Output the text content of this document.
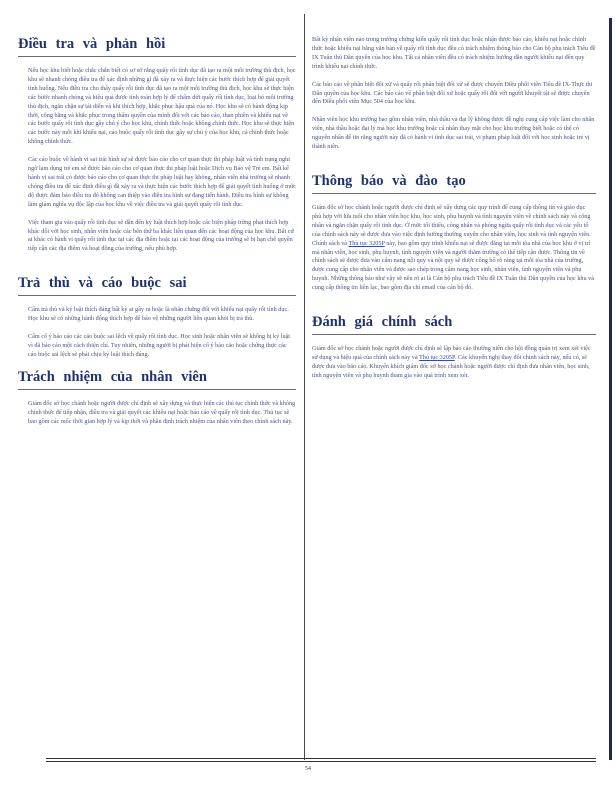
Điều tra và phản hồi

Nếu học khu biết hoặc chắc chắn biết có sơ sở rằng quấy rối tình dục đã tạo ra một môi trường thù địch, học khu sẽ nhanh chóng điều tra để xác định những gì đã xảy ra và thực hiện các bước thích hợp để giải quyết tình huống. Nếu điều tra cho thấy quấy rối tình dục đã tạo ra một môi trường thù địch, học khu sẽ thực hiện các bước nhanh chóng và hiệu quả được tính toán hợp lý để chấm dứt quấy rối tình dục, loại bỏ môi trường thù địch, ngăn chặn sự tái diễn và khi thích hợp, khắc phục hậu quả của nó. Học khu sẽ có hành động kịp thời, công bằng và khắc phục trong thẩm quyền của mình đối với các báo cáo, than phiền và khiếu nại về các bước quấy rối tình dục gây chú ý cho học khu, chính thức hoặc không chính thức. Học khu sẽ thực hiện các bước này mỗi khi khiếu nại, cáo buộc quấy rối tình dục gây sự chú ý của học khu, cả chính thức hoặc không chính thức.

Các cáo buộc về hành vi sai trái hình sự sẽ được báo cáo cho cơ quan thực thi pháp luật và tính trạng nghi ngờ lạm dụng trẻ em sẽ được báo cáo cho cơ quan thực thi pháp luật hoặc Dịch vụ Bảo vệ Trẻ em. Bất kể hành vi sai trái có được báo cáo cho cơ quan thực thi pháp luật hay không, nhân viên nhà trường sẽ nhanh chóng điều tra để xác định điều gì đã xảy ra và thực hiện các bước thích hợp để giải quyết tình huống ở mức độ được đảm bảo điều tra đó không can thiệp vào điều tra hình sự đang tiến hành. Điều tra hình sự không làm giảm nghĩa vụ độc lập của học khu về việc điều tra và giải quyết quấy rối tình dục.

Việc tham gia vào quấy rối tình dục sẽ dẫn đến kỷ luật thích hợp hoặc các biện pháp trừng phạt thích hợp khác đối với học sinh, nhân viên hoặc các bên thứ ba khác liên quan đến các hoạt động của học khu. Bất cứ ai khác có hành vi quấy rối tình dục tại các địa điểm hoặc tại các hoạt động của trường sẽ bị hạn chế quyền tiếp cận các địa điểm và hoạt động của trường, nếu phù hợp.

Trả thù và cáo buộc sai

Cấm trả thù và kỷ luật thích đáng bất kỳ ai gây ra hoặc là nhân chứng đối với khiếu nại quấy rối tình dục. Học khu sẽ có những hành động thích hợp để bảo vệ những người liên quan khỏi bị trả thù.

Cấm cố ý báo cáo các cáo buộc sai lệch về quấy rối tình dục. Học sinh hoặc nhân viên sẽ không bị kỷ luật vì đã báo cáo một cách thiện chí. Tuy nhiên, những người bị phát hiện cố ý báo cáo hoặc chứng thực các cáo buộc sai lệch sẽ phải chịu kỷ luật thích đáng.

Trách nhiệm của nhân viên

Giám đốc sở học chánh hoặc người được chỉ định sẽ xây dựng và thực hiện các thủ tục chính thức và không chính thức để tiếp nhận, điều tra và giải quyết các khiếu nại hoặc báo cáo về quấy rối tình dục. Thủ tục sẽ bao gồm các mốc thời gian hợp lý và kịp thời và phân định trách nhiệm của nhân viên theo chính sách này.

Bất kỳ nhân viên nào trong trường chứng kiến quấy rối tình dục hoặc nhận được báo cáo, khiếu nại hoặc chính thức hoặc khiếu nại bằng văn bản về quấy rối tình dục đều có trách nhiệm thông báo cho Cán bộ phụ trách Tiêu đề IX Tuân thủ Dân quyền của học khu. Tất cả nhân viên đều có trách nhiệm hướng dẫn người khiếu nại đến quy trình khiếu nại chính thức.

Các báo cáo về phân biệt đối xử và quấy rối phân biệt đối xử sẽ được chuyển Điều phối viên Tiêu đề IX-Thực thi Dân quyền của học khu. Các báo cáo về phân biệt đối xử hoặc quấy rối đối với người khuyết tật sẽ được chuyển đến Điều phối viên Mục 504 của học khu.

Nhân viên học khu trường bao gồm nhân viên, nhà thầu và đại lý không được đề nghị cung cấp việc làm cho nhân viên, nhà thầu hoặc đại lý mà học khu trường hoặc cá nhân thay mặt cho học khu trường biết hoặc có thể có nguyên nhân để tin rằng người này đã có hành vi tình dục sai trái, vi phạm pháp luật đối với học sinh hoặc trẻ vị thành niên.

Thông báo và đào tạo

Giám đốc sở học chánh hoặc người được chỉ định sẽ xây dựng các quy trình để cung cấp thông tin và giáo dục phù hợp với lứa tuổi cho nhân viên học khu, học sinh, phụ huynh và tình nguyện viên về chính sách này và công nhân và ngăn chặn quấy rối tình dục. Ở mức tối thiểu, công nhân và phòng ngừa quấy rối tình dục và các yếu tố của chính sách này sẽ được đưa vào việc định hướng thường xuyên cho nhân viên, học sinh và tình nguyện viên. Chính sách và Thủ tục 3205P này, bao gồm quy trình khiếu nại sẽ được đăng tại mỗi tòa nhà của học khu ở vị trí mà nhân viên, học sinh, phụ huynh, tình nguyện viên và người thăm trường có thể tiếp cận được. Thông tin về chính sách sẽ được đưa vào cẩm nang nội quy và nội quy sẽ được công bố rõ ràng tại mỗi tòa nhà của trường, được cung cấp cho nhân viên và được sao chép trong cẩm nang học sinh, nhân viên, tình nguyện viên và phụ huynh. Những thông báo như vậy sẽ nêu rõ ai là Cán bộ phụ trách Tiêu đề IX Tuân thủ Dân quyền của học khu và cung cấp thông tin liên lạc, bao gồm địa chỉ email của cán bộ đó.

Đánh giá chính sách

Giám đốc sở học chánh hoặc người được chỉ định sẽ lập báo cáo thường niên cho hội đồng quản trị xem xét việc sử dụng và hiệu quả của chính sách này và Thủ tục 3205P. Các khuyến nghị thay đổi chính sách này, nếu có, sẽ được đưa vào báo cáo. Khuyến khích giám đốc sở học chánh hoặc người được chỉ định đưa nhân viên, học sinh, tình nguyện viên và phụ huynh tham gia vào quá trình xem xét.

54
